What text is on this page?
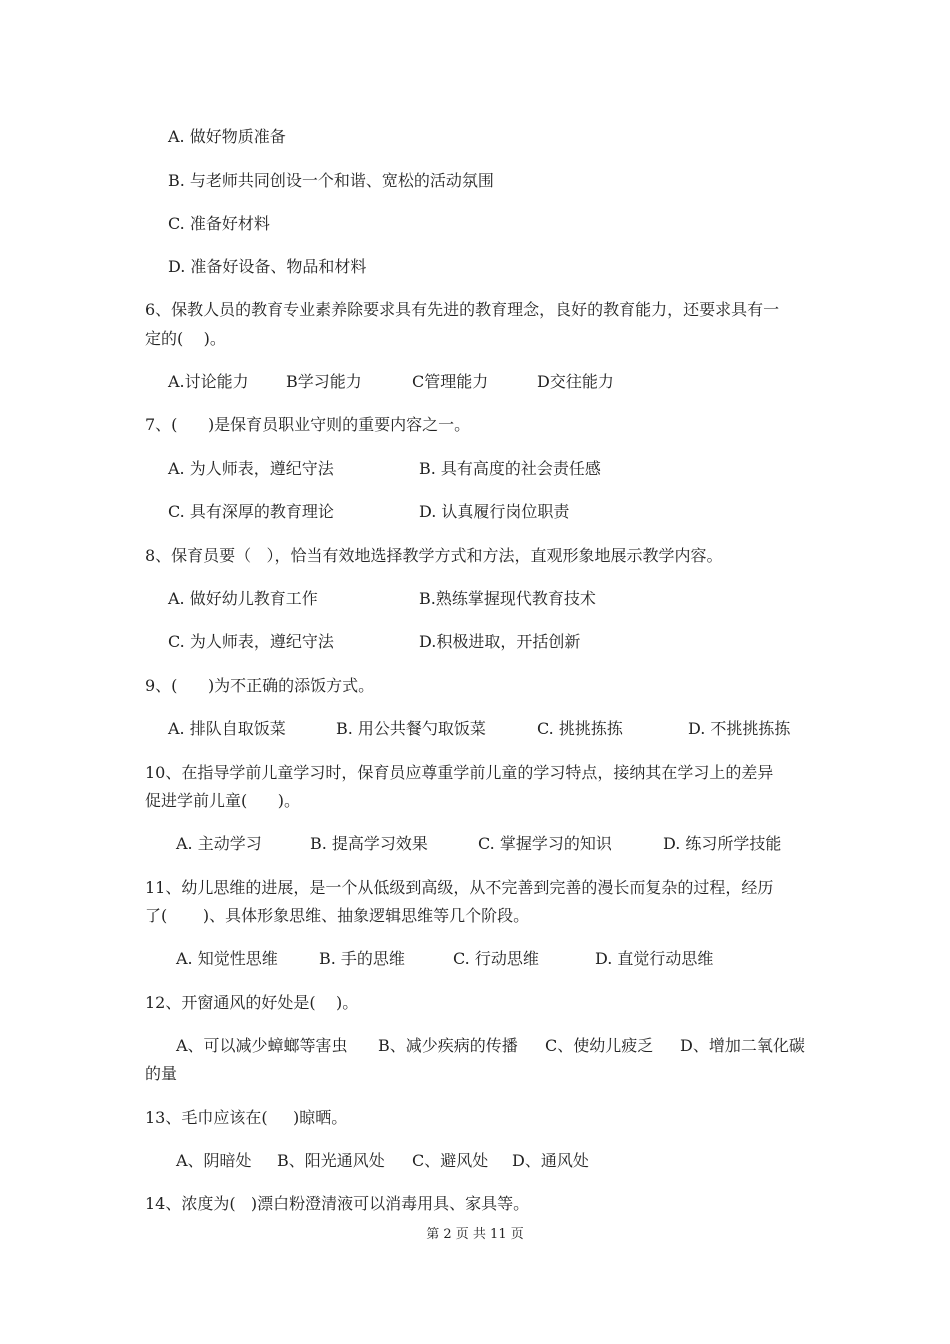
A. 做好物质准备
B. 与老师共同创设一个和谐、宽松的活动氛围
C. 准备好材料
D. 准备好设备、物品和材料
6、保教人员的教育专业素养除要求具有先进的教育理念，良好的教育能力，还要求具有一
定的(    )。
A.讨论能力 B学习能力	C管理能力	D交往能力
7、(      )是保育员职业守则的重要内容之一。
A. 为人师表，遵纪守法	B. 具有高度的社会责任感
C. 具有深厚的教育理论	D. 认真履行岗位职责
8、保育员要（   ），恰当有效地选择教学方式和方法，直观形象地展示教学内容。
A. 做好幼儿教育工作	B.熟练掌握现代教育技术
C. 为人师表，遵纪守法	D.积极进取，开括创新
9、(      )为不正确的添饭方式。
A. 排队自取饭菜	B. 用公共餐勺取饭菜	C. 挑挑拣拣	D. 不挑挑拣拣
10、在指导学前儿童学习时，保育员应尊重学前儿童的学习特点，接纳其在学习上的差异
促进学前儿童(      )。
A. 主动学习	B. 提高学习效果	C. 掌握学习的知识	D. 练习所学技能
11、幼儿思维的进展，是一个从低级到高级，从不完善到完善的漫长而复杂的过程，经历
了(       )、具体形象思维、抽象逻辑思维等几个阶段。
A. 知觉性思维	B. 手的思维	C. 行动思维	D. 直觉行动思维
12、开窗通风的好处是(    )。
A、可以减少蟑螂等害虫 B、减少疾病的传播 C、使幼儿疲乏 D、增加二氧化碳
的量
13、毛巾应该在(     )晾晒。
A、阴暗处 B、阳光通风处 C、避风处 D、通风处
14、浓度为(   )漂白粉澄清液可以消毒用具、家具等。
第 2 页 共 11 页
